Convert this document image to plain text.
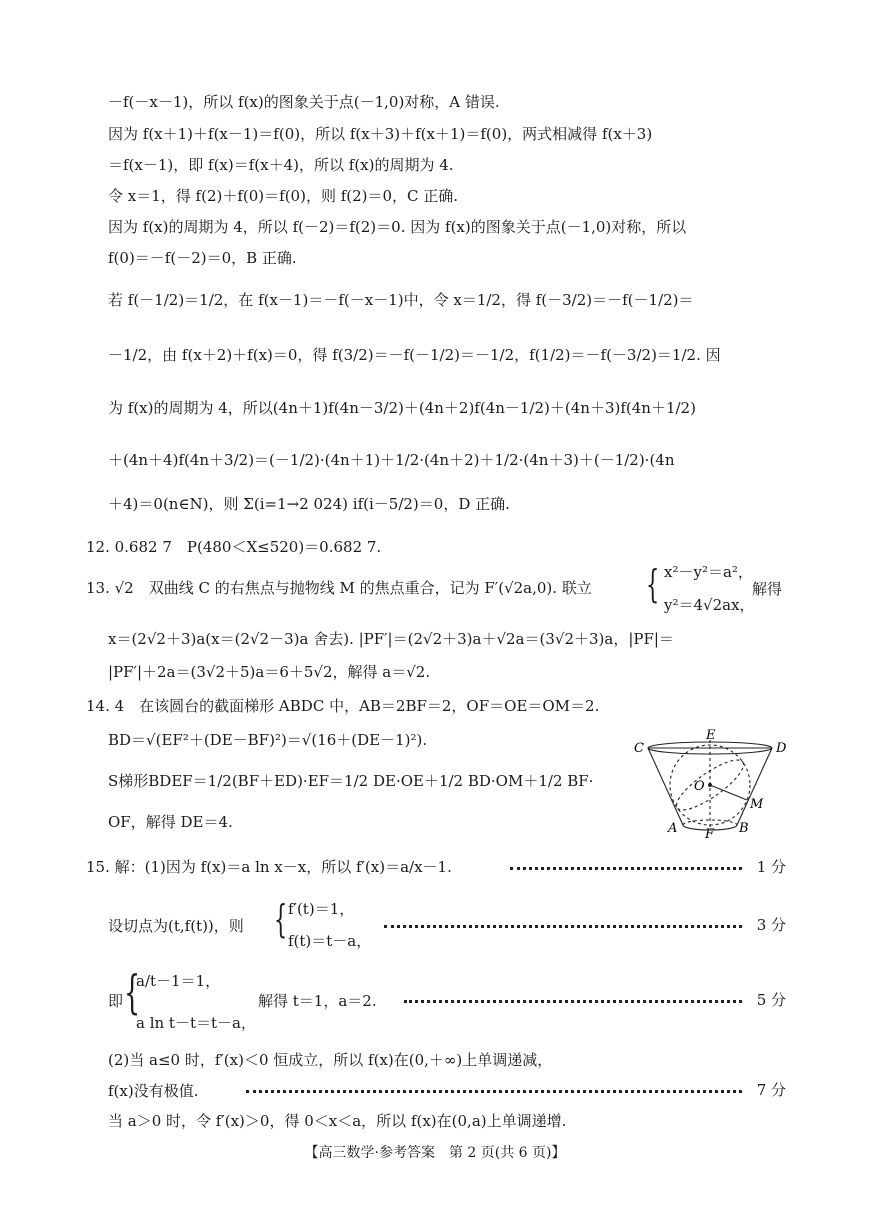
－f(－x－1)，所以 f(x)的图象关于点(－1,0)对称，A 错误.
因为 f(x＋1)＋f(x－1)＝f(0)，所以 f(x＋3)＋f(x＋1)＝f(0)，两式相减得 f(x＋3)
＝f(x－1)，即 f(x)＝f(x＋4)，所以 f(x)的周期为 4.
令 x＝1，得 f(2)＋f(0)＝f(0)，则 f(2)＝0，C 正确.
因为 f(x)的周期为 4，所以 f(－2)＝f(2)＝0. 因为 f(x)的图象关于点(－1,0)对称，所以
f(0)＝－f(－2)＝0，B 正确.
若 f(－1/2)＝1/2，在 f(x－1)＝－f(－x－1)中，令 x＝1/2，得 f(－3/2)＝－f(－1/2)＝
－1/2，由 f(x＋2)＋f(x)＝0，得 f(3/2)＝－f(－1/2)＝－1/2，f(1/2)＝－f(－3/2)＝1/2. 因
为 f(x)的周期为 4，所以(4n＋1)f(4n－3/2)＋(4n＋2)f(4n－1/2)＋(4n＋3)f(4n＋1/2)
＋(4n＋4)f(4n＋3/2)＝(－1/2)·(4n＋1)＋1/2·(4n＋2)＋1/2·(4n＋3)＋(－1/2)·(4n
＋4)＝0(n∈N)，则 Σ(i=1→2 024) if(i－5/2)＝0，D 正确.
12. 0.682 7　P(480＜X≤520)＝0.682 7.
13. √2　双曲线 C 的右焦点与抛物线 M 的焦点重合，记为 F′(√2a,0). 联立 { x²－y²＝a²，
y²＝4√2ax，
解得
x＝(2√2＋3)a(x＝(2√2－3)a 舍去). |PF′|＝(2√2＋3)a＋√2a＝(3√2＋3)a，|PF|＝
|PF′|＋2a＝(3√2＋5)a＝6＋5√2，解得 a＝√2.
14. 4　在该圆台的截面梯形 ABDC 中，AB＝2BF＝2，OF＝OE＝OM＝2.
BD＝√(EF²＋(DE－BF)²)＝√(16＋(DE－1)²).
S梯形BDEF＝1/2(BF＋ED)·EF＝1/2 DE·OE＋1/2 BD·OM＋1/2 BF·
OF，解得 DE＝4.
C
E
D
O
M
A F B
15. 解：(1)因为 f(x)＝a ln x－x，所以 f′(x)＝a/x－1.	1 分
设切点为(t,f(t))，则 { f′(t)＝1，
f(t)＝t－a，
3 分
即 {
a/t－1＝1，
a ln t－t＝t－a，
解得 t＝1，a＝2.	5 分
(2)当 a≤0 时，f′(x)＜0 恒成立，所以 f(x)在(0,＋∞)上单调递减，
f(x)没有极值.	7 分
当 a＞0 时，令 f′(x)＞0，得 0＜x＜a，所以 f(x)在(0,a)上单调递增.
【高三数学·参考答案　第 2 页(共 6 页)】
